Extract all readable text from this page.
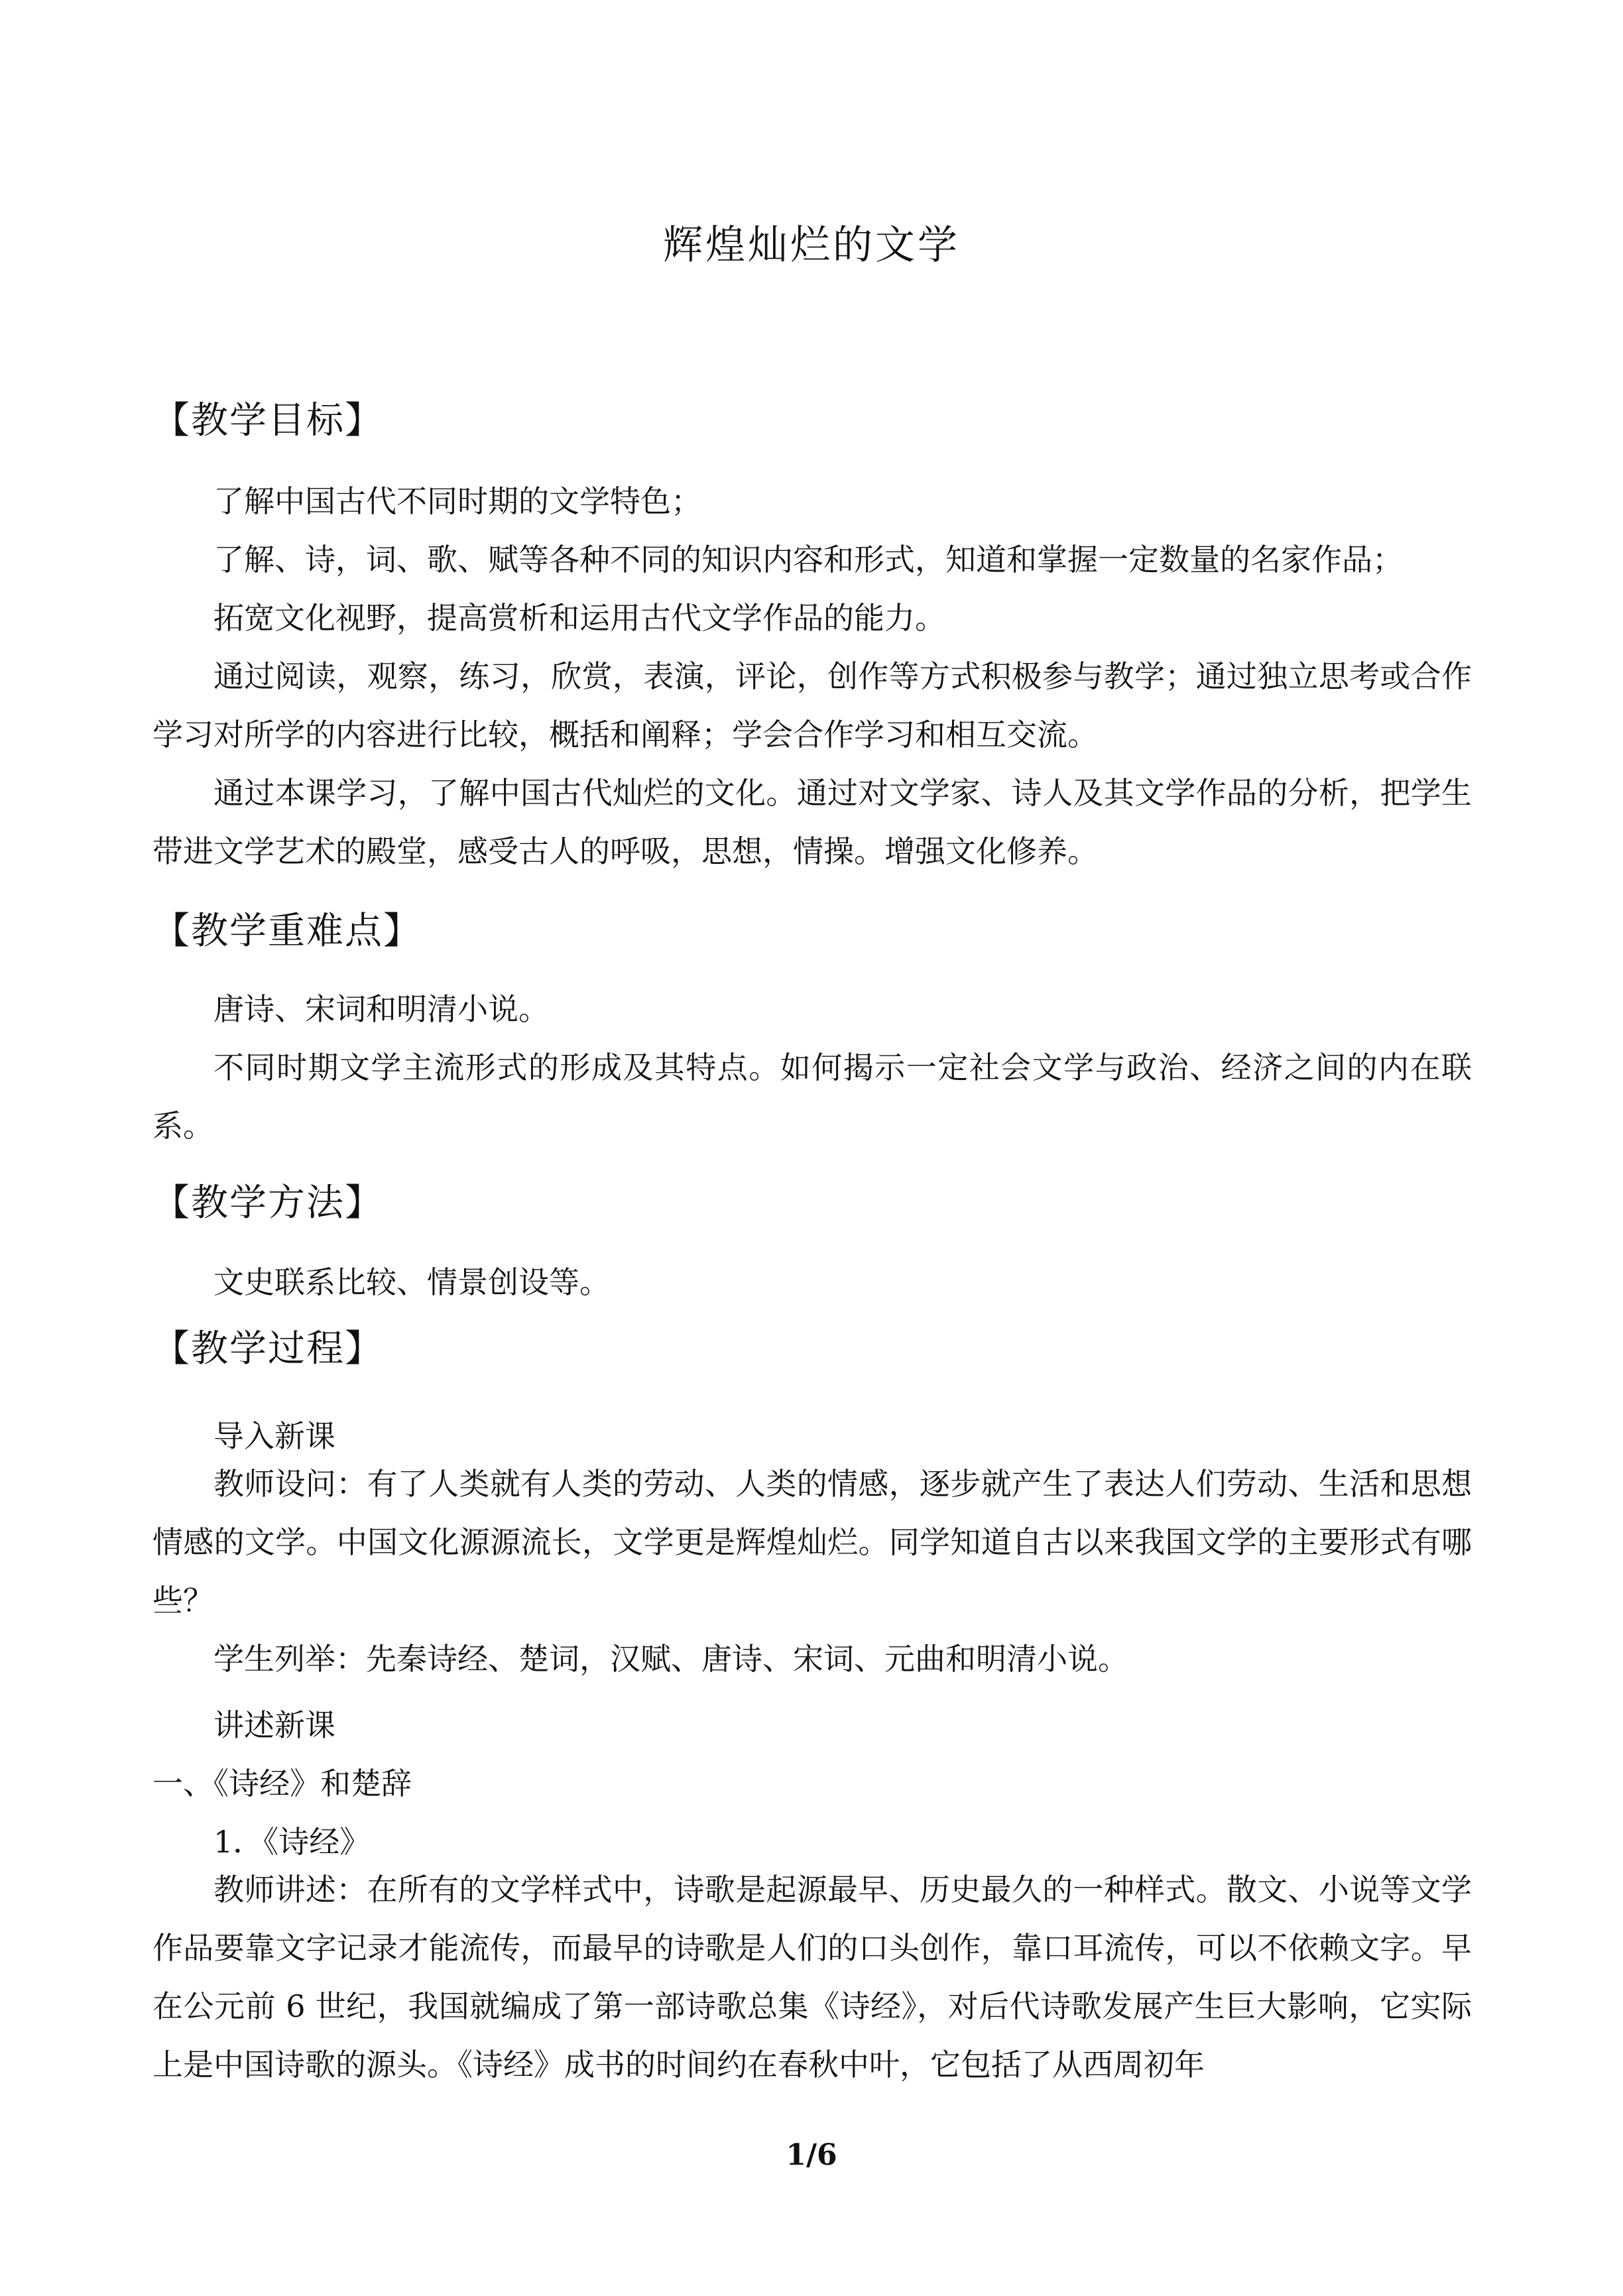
辉煌灿烂的文学
【教学目标】

了解中国古代不同时期的文学特色；

了解、诗，词、歌、赋等各种不同的知识内容和形式，知道和掌握一定数量的名家作品；

拓宽文化视野，提高赏析和运用古代文学作品的能力。

通过阅读，观察，练习，欣赏，表演，评论，创作等方式积极参与教学；通过独立思考或合作学习对所学的内容进行比较，概括和阐释；学会合作学习和相互交流。

通过本课学习，了解中国古代灿烂的文化。通过对文学家、诗人及其文学作品的分析，把学生带进文学艺术的殿堂，感受古人的呼吸，思想，情操。增强文化修养。

【教学重难点】

唐诗、宋词和明清小说。

不同时期文学主流形式的形成及其特点。如何揭示一定社会文学与政治、经济之间的内在联系。

【教学方法】

文史联系比较、情景创设等。

【教学过程】
导入新课

教师设问：有了人类就有人类的劳动、人类的情感，逐步就产生了表达人们劳动、生活和思想情感的文学。中国文化源源流长，文学更是辉煌灿烂。同学知道自古以来我国文学的主要形式有哪些？

学生列举：先秦诗经、楚词，汉赋、唐诗、宋词、元曲和明清小说。

讲述新课
一、《诗经》和楚辞
1．《诗经》

教师讲述：在所有的文学样式中，诗歌是起源最早、历史最久的一种样式。散文、小说等文学作品要靠文字记录才能流传，而最早的诗歌是人们的口头创作，靠口耳流传，可以不依赖文字。早在公元前 6 世纪，我国就编成了第一部诗歌总集《诗经》，对后代诗歌发展产生巨大影响，它实际上是中国诗歌的源头。《诗经》成书的时间约在春秋中叶，它包括了从西周初年

1/6
